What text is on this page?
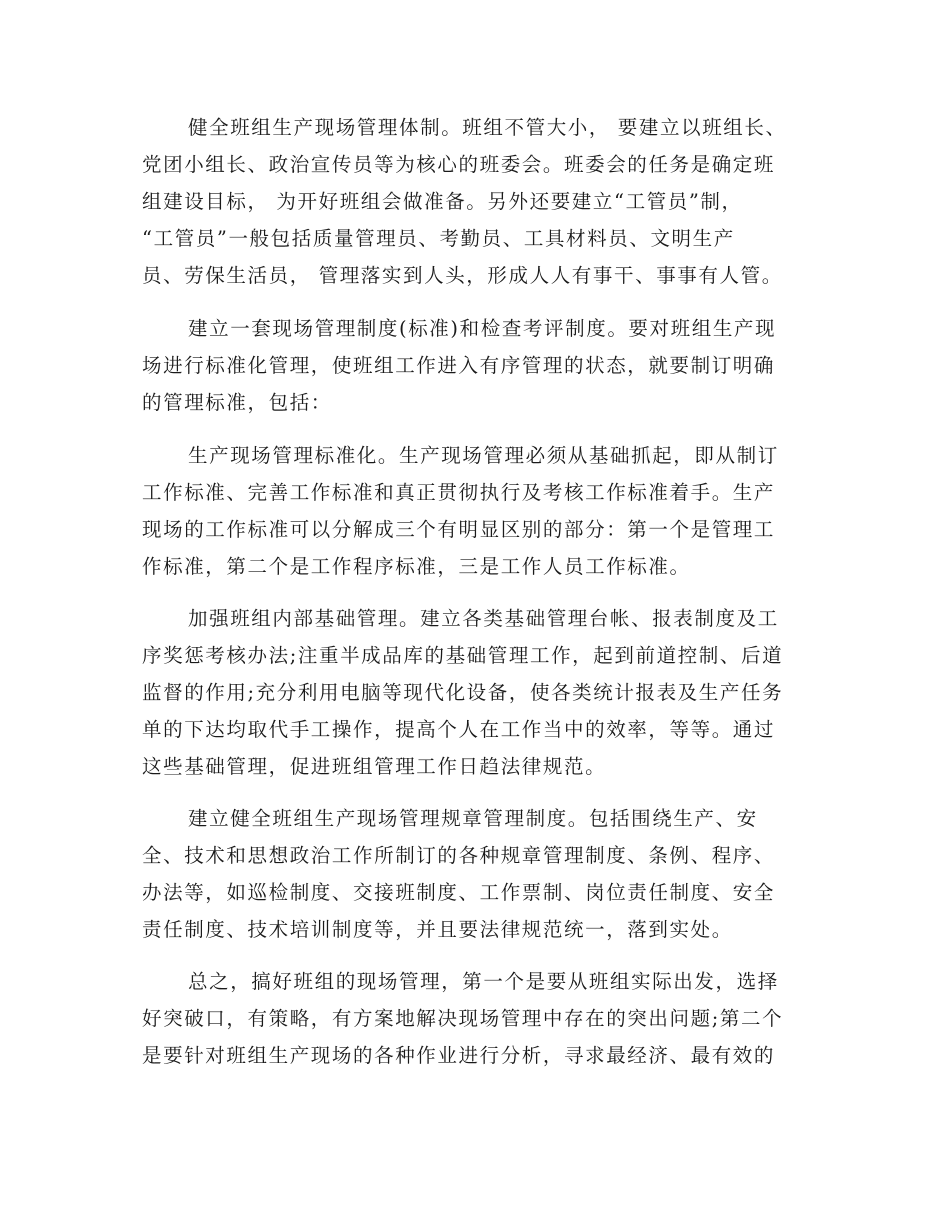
健全班组生产现场管理体制。班组不管大小， 要建立以班组长、
党团小组长、政治宣传员等为核心的班委会。班委会的任务是确定班
组建设目标， 为开好班组会做准备。另外还要建立“工管员”制，
“工管员”一般包括质量管理员、考勤员、工具材料员、文明生产
员、劳保生活员， 管理落实到人头，形成人人有事干、事事有人管。
建立一套现场管理制度(标准)和检查考评制度。要对班组生产现
场进行标准化管理，使班组工作进入有序管理的状态，就要制订明确
的管理标准，包括：
生产现场管理标准化。生产现场管理必须从基础抓起，即从制订
工作标准、完善工作标准和真正贯彻执行及考核工作标准着手。生产
现场的工作标准可以分解成三个有明显区别的部分：第一个是管理工
作标准，第二个是工作程序标准，三是工作人员工作标准。
加强班组内部基础管理。建立各类基础管理台帐、报表制度及工
序奖惩考核办法;注重半成品库的基础管理工作，起到前道控制、后道
监督的作用;充分利用电脑等现代化设备，使各类统计报表及生产任务
单的下达均取代手工操作，提高个人在工作当中的效率，等等。通过
这些基础管理，促进班组管理工作日趋法律规范。
建立健全班组生产现场管理规章管理制度。包括围绕生产、安
全、技术和思想政治工作所制订的各种规章管理制度、条例、程序、
办法等，如巡检制度、交接班制度、工作票制、岗位责任制度、安全
责任制度、技术培训制度等，并且要法律规范统一，落到实处。
总之，搞好班组的现场管理，第一个是要从班组实际出发，选择
好突破口，有策略，有方案地解决现场管理中存在的突出问题;第二个
是要针对班组生产现场的各种作业进行分析，寻求最经济、最有效的
